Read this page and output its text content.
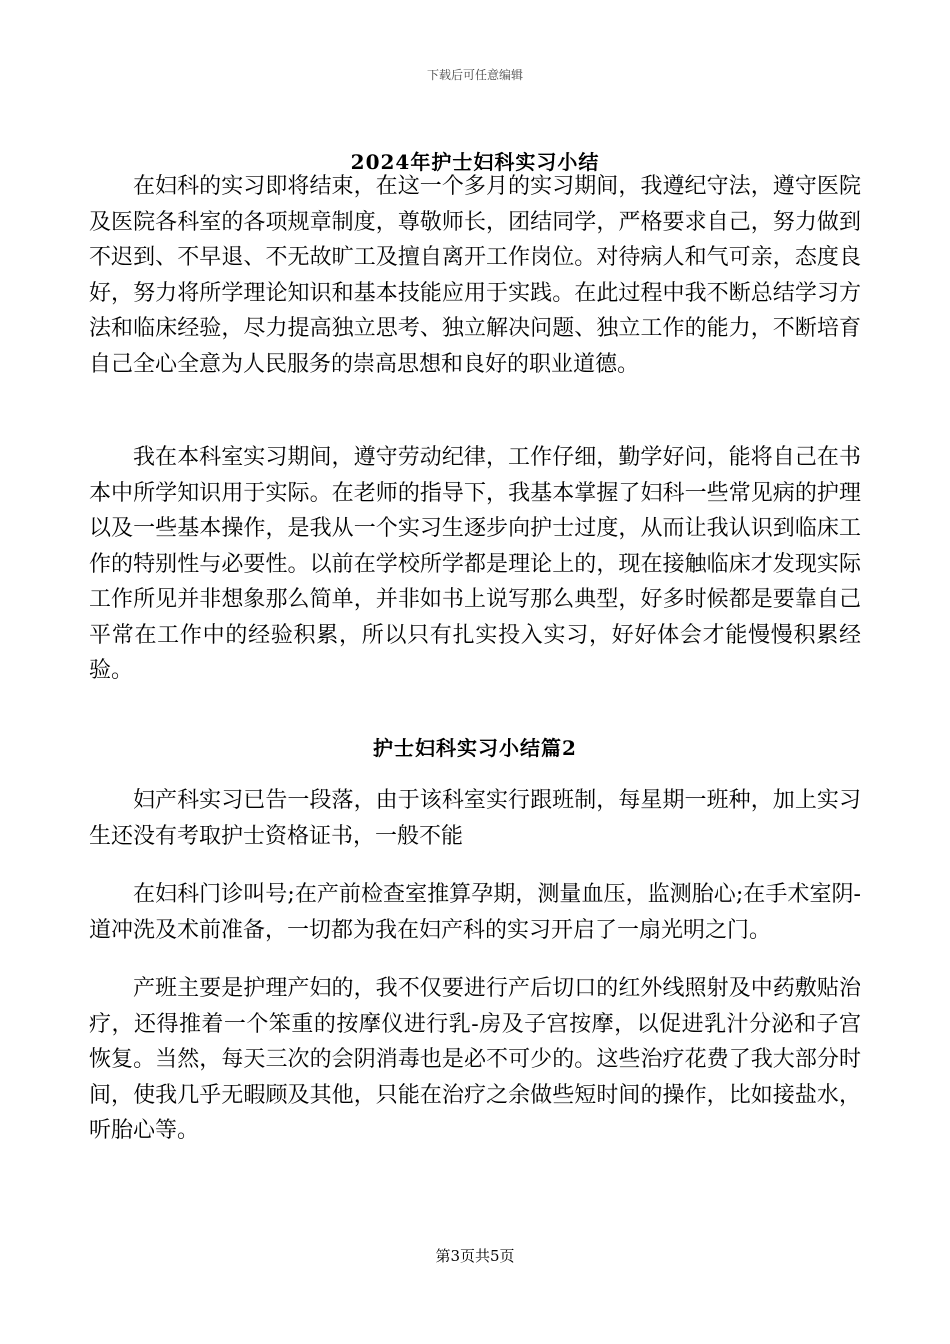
下载后可任意编辑
2024年护士妇科实习小结

在妇科的实习即将结束，在这一个多月的实习期间，我遵纪守法，遵守医院及医院各科室的各项规章制度，尊敬师长，团结同学，严格要求自己，努力做到不迟到、不早退、不无故旷工及擅自离开工作岗位。对待病人和气可亲，态度良好，努力将所学理论知识和基本技能应用于实践。在此过程中我不断总结学习方法和临床经验，尽力提高独立思考、独立解决问题、独立工作的能力，不断培育自己全心全意为人民服务的崇高思想和良好的职业道德。

我在本科室实习期间，遵守劳动纪律，工作仔细，勤学好问，能将自己在书本中所学知识用于实际。在老师的指导下，我基本掌握了妇科一些常见病的护理以及一些基本操作，是我从一个实习生逐步向护士过度，从而让我认识到临床工作的特别性与必要性。以前在学校所学都是理论上的，现在接触临床才发现实际工作所见并非想象那么简单，并非如书上说写那么典型，好多时候都是要靠自己平常在工作中的经验积累，所以只有扎实投入实习，好好体会才能慢慢积累经验。

护士妇科实习小结篇2

妇产科实习已告一段落，由于该科室实行跟班制，每星期一班种，加上实习生还没有考取护士资格证书，一般不能

在妇科门诊叫号;在产前检查室推算孕期，测量血压，监测胎心;在手术室阴-道冲洗及术前准备，一切都为我在妇产科的实习开启了一扇光明之门。

产班主要是护理产妇的，我不仅要进行产后切口的红外线照射及中药敷贴治疗，还得推着一个笨重的按摩仪进行乳-房及子宫按摩，以促进乳汁分泌和子宫恢复。当然，每天三次的会阴消毒也是必不可少的。这些治疗花费了我大部分时间，使我几乎无暇顾及其他，只能在治疗之余做些短时间的操作，比如接盐水，听胎心等。

第3页共5页
